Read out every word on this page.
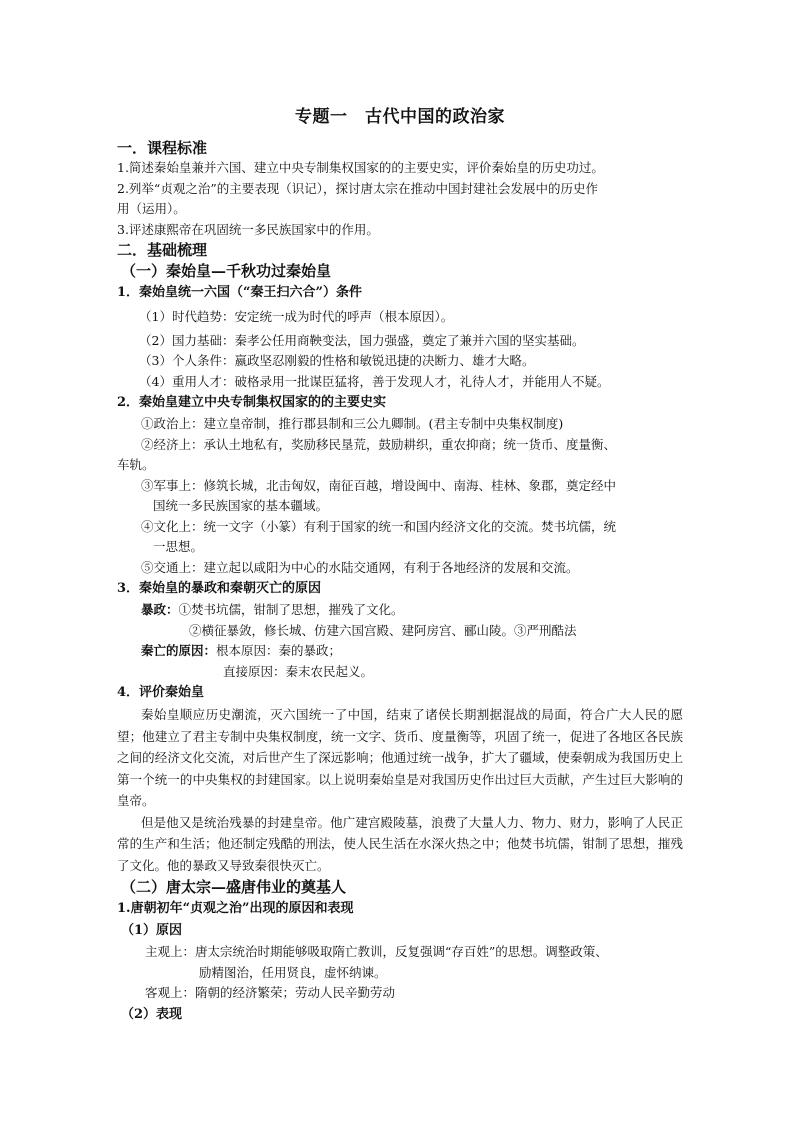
专题一　古代中国的政治家
一．课程标准
1.简述秦始皇兼并六国、建立中央专制集权国家的的主要史实，评价秦始皇的历史功过。
2.列举“贞观之治”的主要表现（识记），探讨唐太宗在推动中国封建社会发展中的历史作
用（运用）。
3.评述康熙帝在巩固统一多民族国家中的作用。
二．基础梳理
（一）秦始皇—千秋功过秦始皇
1．秦始皇统一六国（“秦王扫六合”）条件
（1）时代趋势：安定统一成为时代的呼声（根本原因）。
（2）国力基础：秦孝公任用商鞅变法，国力强盛，奠定了兼并六国的坚实基础。
（3）个人条件：嬴政坚忍刚毅的性格和敏锐迅捷的决断力、雄才大略。
（4）重用人才：破格录用一批谋臣猛将，善于发现人才，礼待人才，并能用人不疑。
2．秦始皇建立中央专制集权国家的的主要史实
①政治上：建立皇帝制，推行郡县制和三公九卿制。(君主专制中央集权制度)
②经济上：承认土地私有，奖励移民垦荒，鼓励耕织，重农抑商；统一货币、度量衡、
车轨。
③军事上：修筑长城，北击匈奴，南征百越，增设闽中、南海、桂林、象郡，奠定经中
国统一多民族国家的基本疆域。
④文化上：统一文字（小篆）有利于国家的统一和国内经济文化的交流。焚书坑儒，统
一思想。
⑤交通上：建立起以咸阳为中心的水陆交通网，有利于各地经济的发展和交流。
3．秦始皇的暴政和秦朝灭亡的原因
暴政：①焚书坑儒，钳制了思想，摧残了文化。
②横征暴敛，修长城、仿建六国宫殿、建阿房宫、郦山陵。③严刑酷法
秦亡的原因：根本原因：秦的暴政；
直接原因：秦末农民起义。
4．评价秦始皇
秦始皇顺应历史潮流，灭六国统一了中国，结束了诸侯长期割据混战的局面，符合广大人民的愿望；他建立了君主专制中央集权制度，统一文字、货币、度量衡等，巩固了统一，促进了各地区各民族之间的经济文化交流，对后世产生了深远影响；他通过统一战争，扩大了疆域，使秦朝成为我国历史上第一个统一的中央集权的封建国家。以上说明秦始皇是对我国历史作出过巨大贡献，产生过巨大影响的皇帝。
但是他又是统治残暴的封建皇帝。他广建宫殿陵墓，浪费了大量人力、物力、财力，影响了人民正常的生产和生活；他还制定残酷的刑法，使人民生活在水深火热之中；他焚书坑儒，钳制了思想，摧残了文化。他的暴政又导致秦很快灭亡。
（二）唐太宗—盛唐伟业的奠基人
1.唐朝初年“贞观之治”出现的原因和表现
（1）原因
主观上：唐太宗统治时期能够吸取隋亡教训，反复强调“存百姓”的思想。调整政策、
励精图治，任用贤良，虚怀纳谏。
客观上：隋朝的经济繁荣；劳动人民辛勤劳动
（2）表现
